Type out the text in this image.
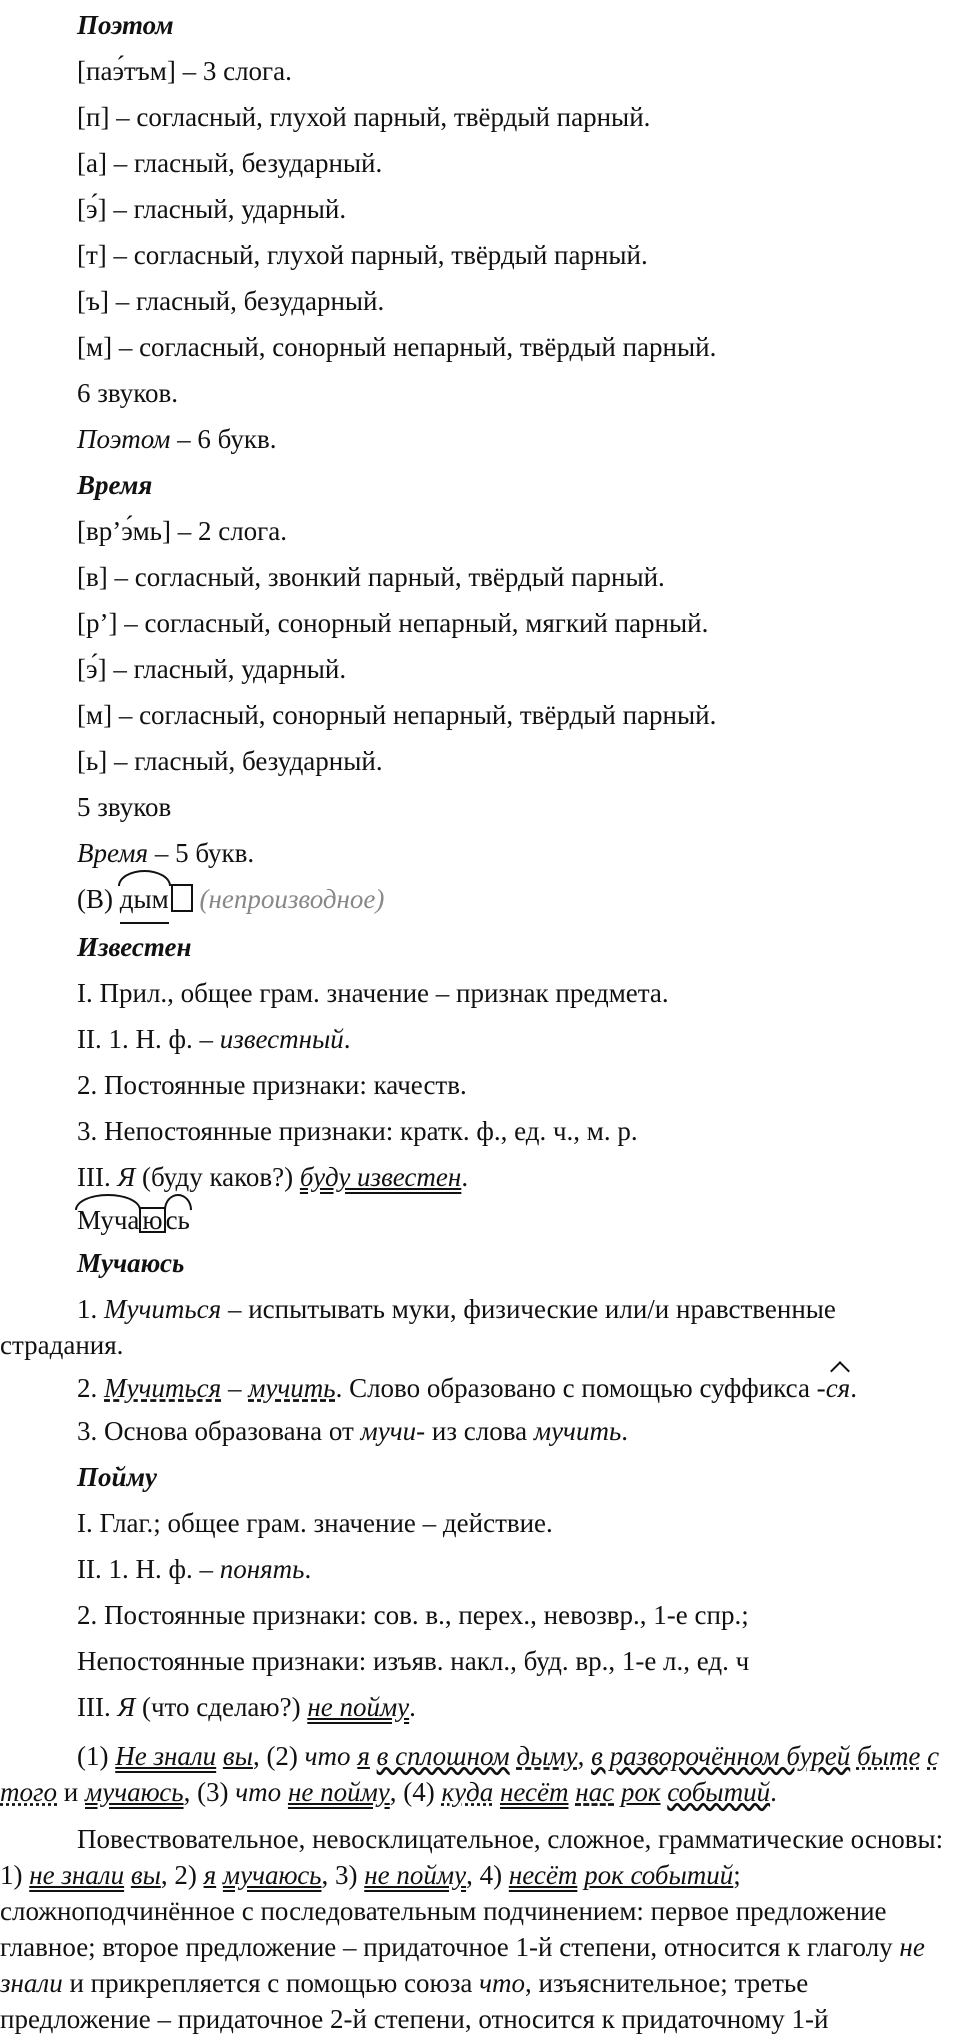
Поэтом
[паэ́тъм] – 3 слога.
[п] – согласный, глухой парный, твёрдый парный.
[а] – гласный, безударный.
[э́] – гласный, ударный.
[т] – согласный, глухой парный, твёрдый парный.
[ъ] – гласный, безударный.
[м] – согласный, сонорный непарный, твёрдый парный.
6 звуков.
Поэтом – 6 букв.
Время
[вр’э́мь] – 2 слога.
[в] – согласный, звонкий парный, твёрдый парный.
[р’] – согласный, сонорный непарный, мягкий парный.
[э́] – гласный, ударный.
[м] – согласный, сонорный непарный, твёрдый парный.
[ь] – гласный, безударный.
5 звуков
Время – 5 букв.
(В) дым (непроизводное)
Известен
I. Прил., общее грам. значение – признак предмета.
II. 1. Н. ф. – известный.
2. Постоянные признаки: качеств.
3. Непостоянные признаки: кратк. ф., ед. ч., м. р.
III. Я (буду каков?) буду известен.
Муча ю сь
Мучаюсь

1. Мучиться – испытывать муки, физические или/и нравственные страдания.

2. Мучиться – мучить. Слово образовано с помощью суффикса -ся.
3. Основа образована от мучи- из слова мучить.
Пойму
I. Глаг.; общее грам. значение – действие.
II. 1. Н. ф. – понять.
2. Постоянные признаки: сов. в., перех., невозвр., 1-е спр.;
Непостоянные признаки: изъяв. накл., буд. вр., 1-е л., ед. ч
III. Я (что сделаю?) не пойму.

(1) Не знали вы, (2) что я в сплошном дыму, в разворочённом бурей быте с того и мучаюсь, (3) что не пойму, (4) куда несёт нас рок событий.

Повествовательное, невосклицательное, сложное, грамматические основы: 1) не знали вы, 2) я мучаюсь, 3) не пойму, 4) несёт рок событий; сложноподчинённое с последовательным подчинением: первое предложение главное; второе предложение – придаточное 1-й степени, относится к глаголу не знали и прикрепляется с помощью союза что, изъяснительное; третье предложение – придаточное 2-й степени, относится к придаточному 1-й
